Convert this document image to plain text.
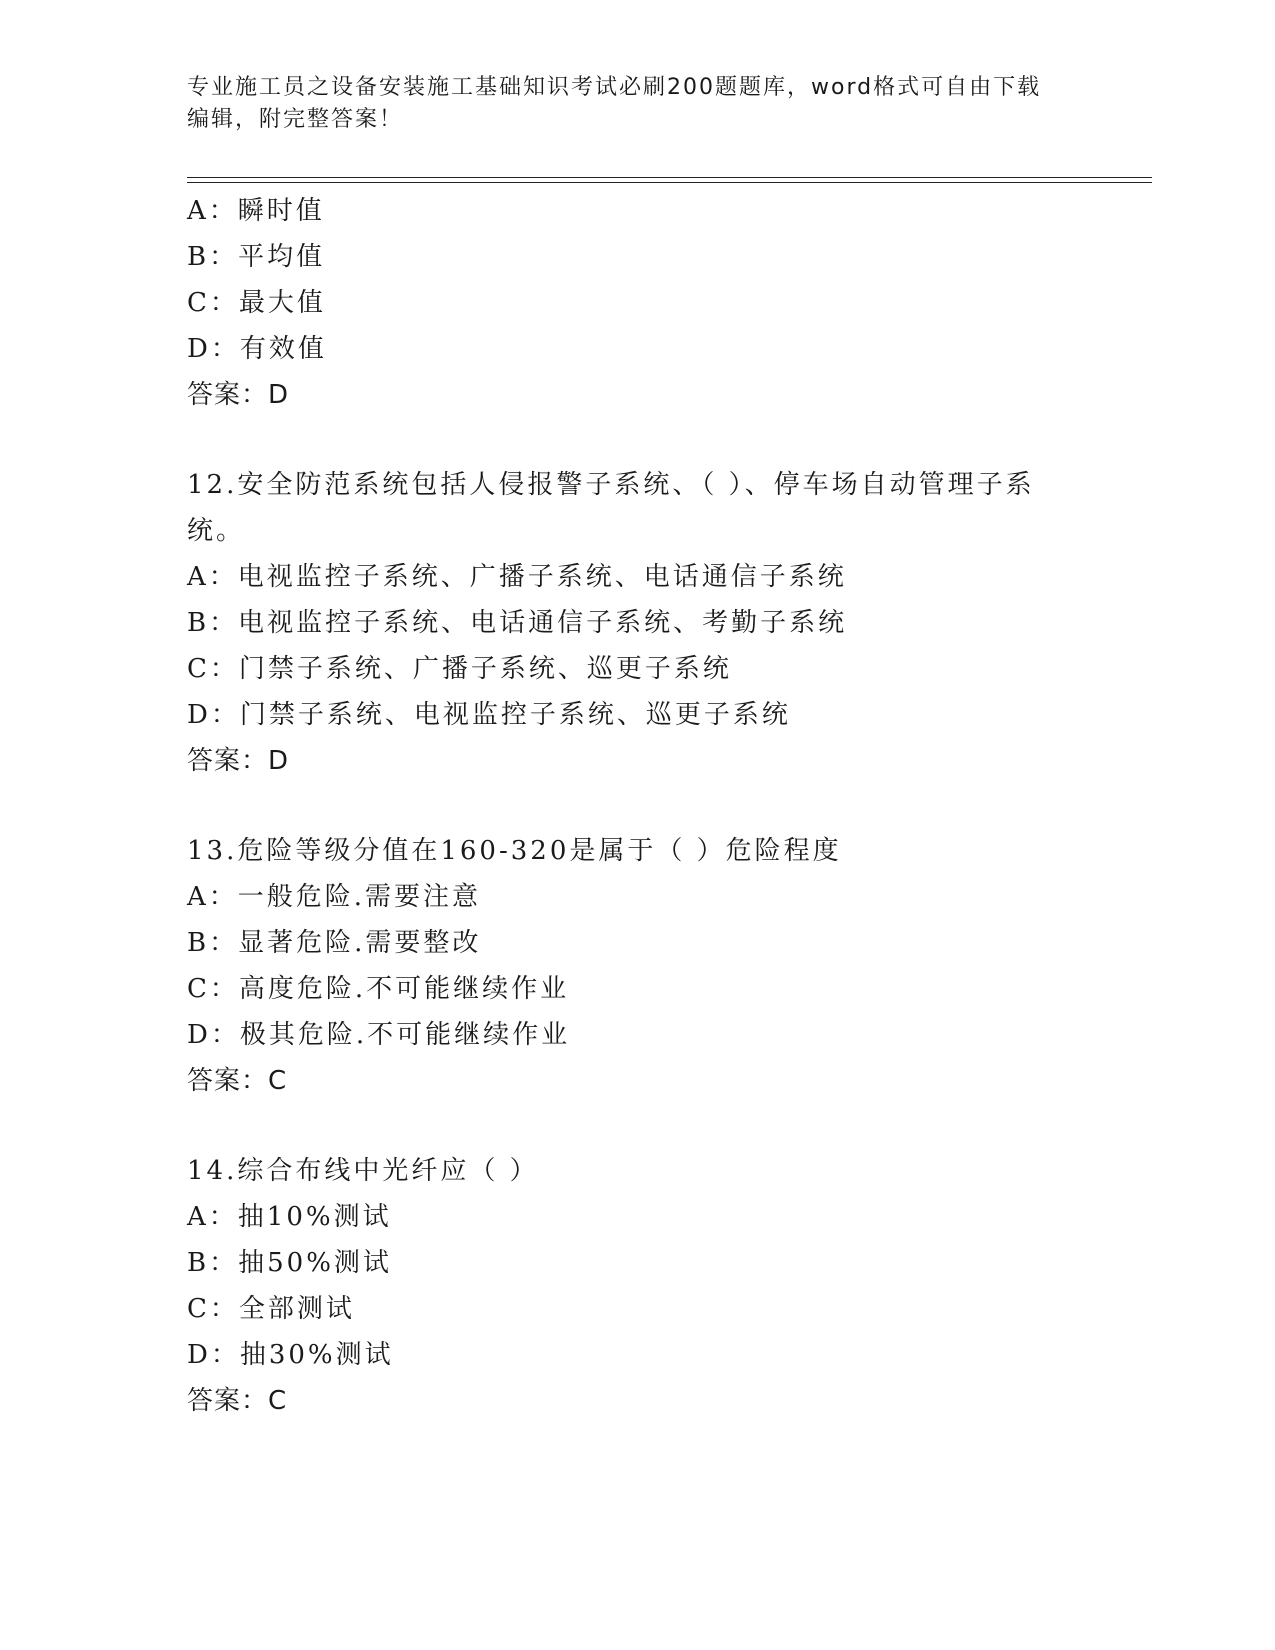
专业施工员之设备安装施工基础知识考试必刷200题题库，word格式可自由下载
编辑，附完整答案！
A：瞬时值
B：平均值
C：最大值
D：有效值
答案：D
12.安全防范系统包括人侵报警子系统、（ ）、停车场自动管理子系
统。
A：电视监控子系统、广播子系统、电话通信子系统
B：电视监控子系统、电话通信子系统、考勤子系统
C：门禁子系统、广播子系统、巡更子系统
D：门禁子系统、电视监控子系统、巡更子系统
答案：D
13.危险等级分值在160-320是属于（ ）危险程度
A：一般危险.需要注意
B：显著危险.需要整改
C：高度危险.不可能继续作业
D：极其危险.不可能继续作业
答案：C
14.综合布线中光纤应（ ）
A：抽10%测试
B：抽50%测试
C：全部测试
D：抽30%测试
答案：C
